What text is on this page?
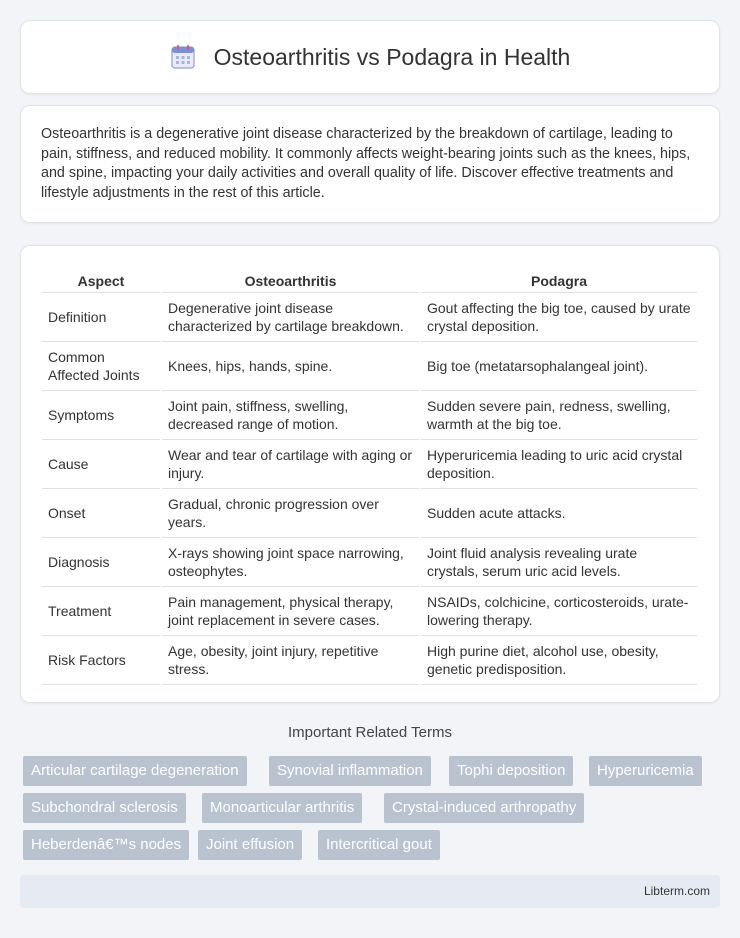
Osteoarthritis vs Podagra in Health

Osteoarthritis is a degenerative joint disease characterized by the breakdown of cartilage, leading to pain, stiffness, and reduced mobility. It commonly affects weight-bearing joints such as the knees, hips, and spine, impacting your daily activities and overall quality of life. Discover effective treatments and lifestyle adjustments in the rest of this article.

Aspect	Osteoarthritis	Podagra
Definition	Degenerative joint disease characterized by cartilage breakdown.	Gout affecting the big toe, caused by urate crystal deposition.
Common Affected Joints	Knees, hips, hands, spine.	Big toe (metatarsophalangeal joint).
Symptoms	Joint pain, stiffness, swelling, decreased range of motion.	Sudden severe pain, redness, swelling, warmth at the big toe.
Cause	Wear and tear of cartilage with aging or injury.	Hyperuricemia leading to uric acid crystal deposition.
Onset	Gradual, chronic progression over years.	Sudden acute attacks.
Diagnosis	X-rays showing joint space narrowing, osteophytes.	Joint fluid analysis revealing urate crystals, serum uric acid levels.
Treatment	Pain management, physical therapy, joint replacement in severe cases.	NSAIDs, colchicine, corticosteroids, urate-lowering therapy.
Risk Factors	Age, obesity, joint injury, repetitive stress.	High purine diet, alcohol use, obesity, genetic predisposition.
Important Related Terms
Articular cartilage degeneration	Synovial inflammation	Tophi deposition	Hyperuricemia
Subchondral sclerosis	Monoarticular arthritis	Crystal-induced arthropathy
Heberdenâ€™s nodes	Joint effusion	Intercritical gout
Libterm.com
